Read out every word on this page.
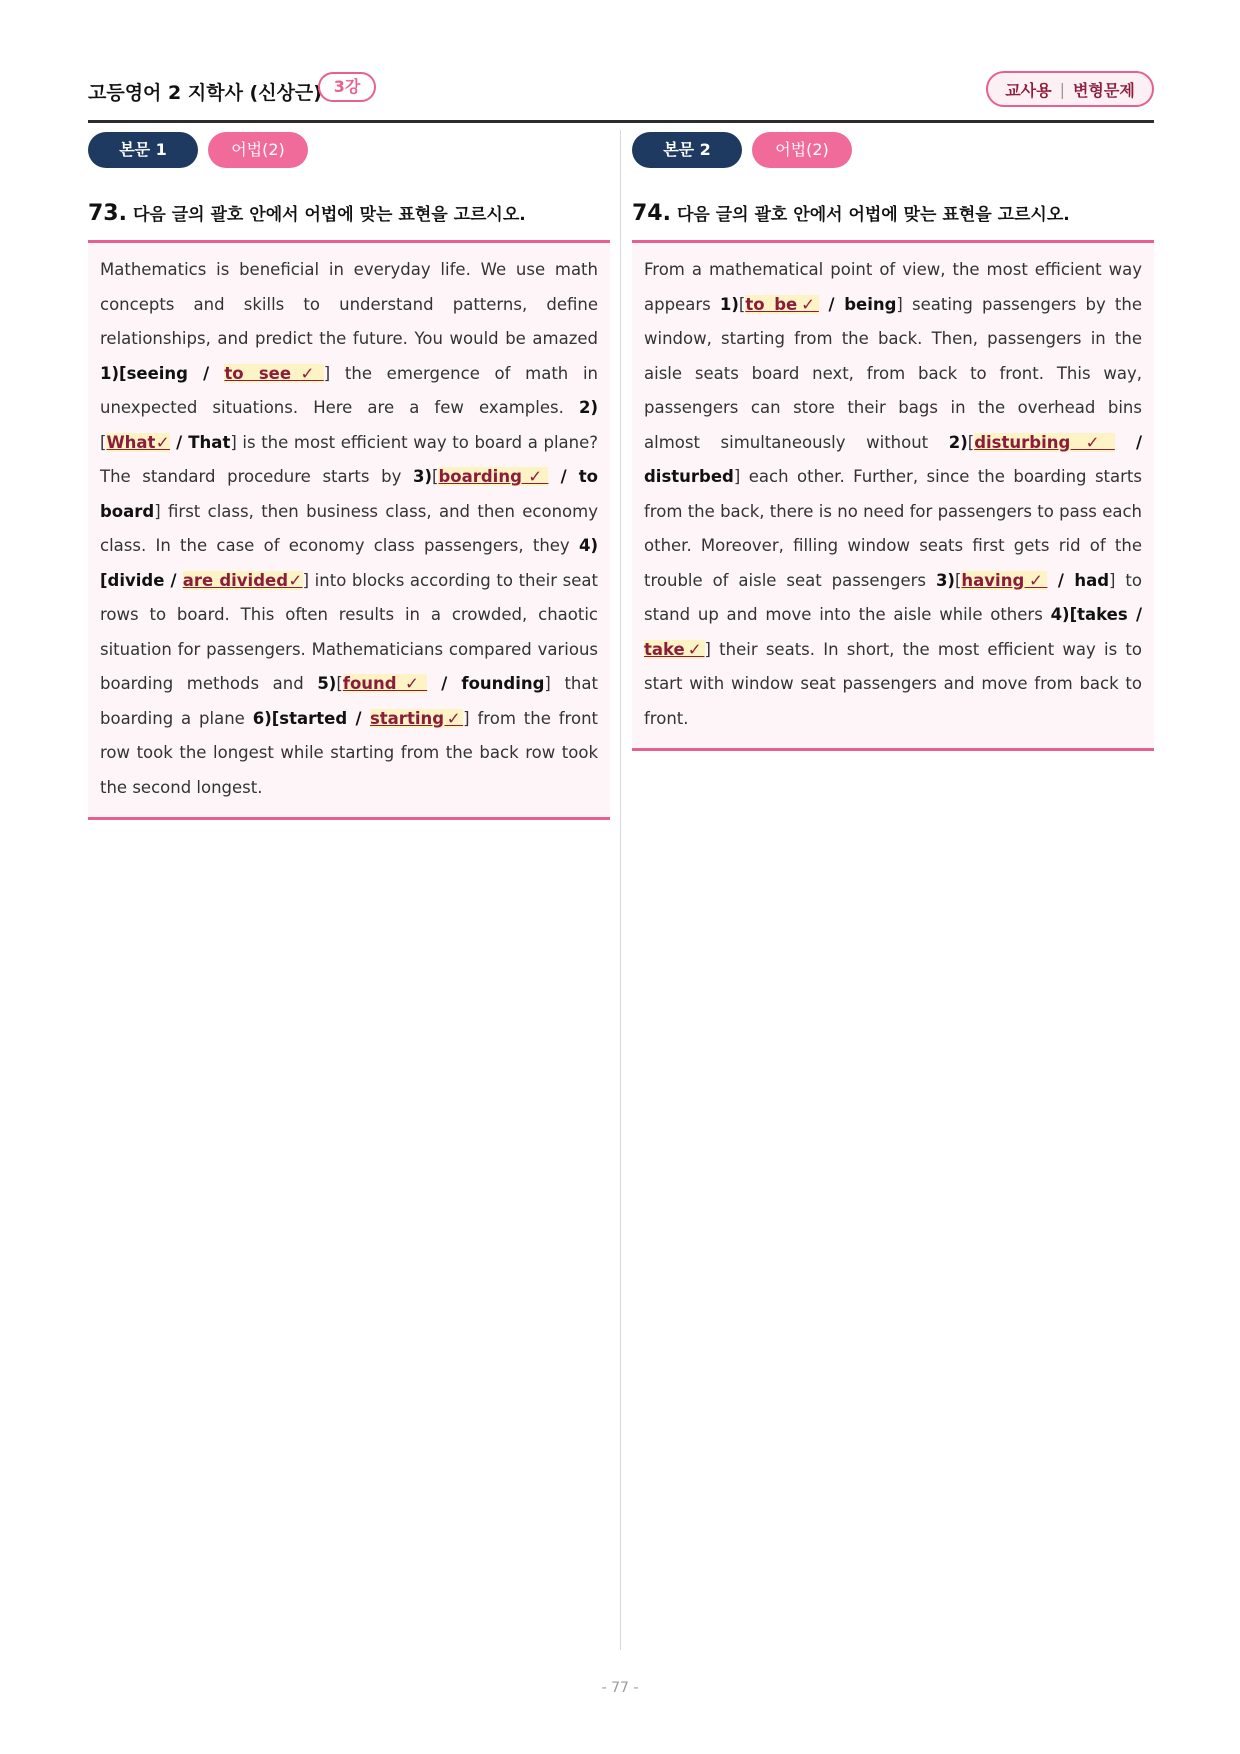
고등영어 2 지학사 (신상근) 3강	교사용 | 변형문제
본문 1	어법(2)
73. 다음 글의 괄호 안에서 어법에 맞는 표현을 고르시오.
Mathematics is beneficial in everyday life. We use math concepts and skills to understand patterns, define relationships, and predict the future. You would be amazed 1)[seeing / to see✓] the emergence of math in unexpected situations. Here are a few examples. 2)[What✓ / That] is the most efficient way to board a plane? The standard procedure starts by 3)[boarding✓ / to board] first class, then business class, and then economy class. In the case of economy class passengers, they 4)[divide / are divided✓] into blocks according to their seat rows to board. This often results in a crowded, chaotic situation for passengers. Mathematicians compared various boarding methods and 5)[found✓ / founding] that boarding a plane 6)[started / starting✓] from the front row took the longest while starting from the back row took the second longest.
본문 2	어법(2)
74. 다음 글의 괄호 안에서 어법에 맞는 표현을 고르시오.
From a mathematical point of view, the most efficient way appears 1)[to be✓ / being] seating passengers by the window, starting from the back. Then, passengers in the aisle seats board next, from back to front. This way, passengers can store their bags in the overhead bins almost simultaneously without 2)[disturbing✓ / disturbed] each other. Further, since the boarding starts from the back, there is no need for passengers to pass each other. Moreover, filling window seats first gets rid of the trouble of aisle seat passengers 3)[having✓ / had] to stand up and move into the aisle while others 4)[takes / take✓] their seats. In short, the most efficient way is to start with window seat passengers and move from back to front.
- 77 -
